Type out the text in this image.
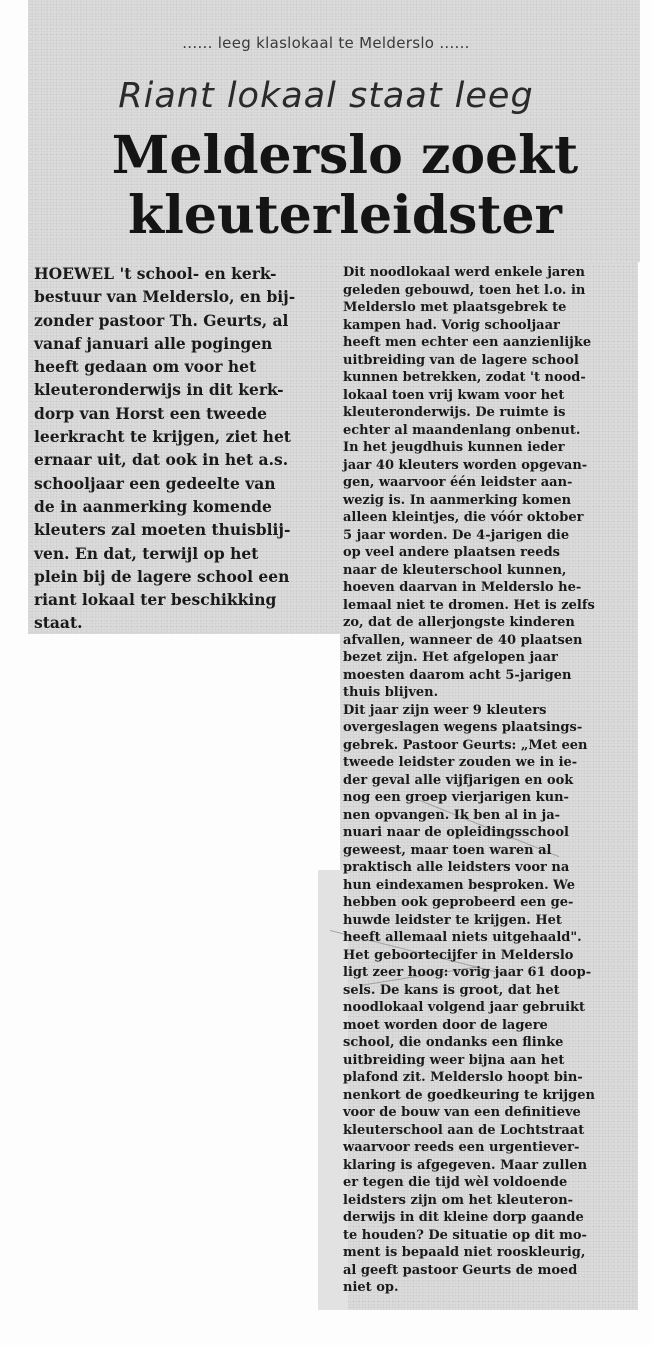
...... leeg klaslokaal te Melderslo ......
Riant lokaal staat leeg
Melderslo zoekt kleuterleidster

HOEWEL 't school- en kerk-
bestuur van Melderslo, en bij-
zonder pastoor Th. Geurts, al
vanaf januari alle pogingen
heeft gedaan om voor het
kleuteronderwijs in dit kerk-
dorp van Horst een tweede
leerkracht te krijgen, ziet het
ernaar uit, dat ook in het a.s.
schooljaar een gedeelte van
de in aanmerking komende
kleuters zal moeten thuisblij-
ven. En dat, terwijl op het
plein bij de lagere school een
riant lokaal ter beschikking
staat.

Dit noodlokaal werd enkele jaren
geleden gebouwd, toen het l.o. in
Melderslo met plaatsgebrek te
kampen had. Vorig schooljaar
heeft men echter een aanzienlijke
uitbreiding van de lagere school
kunnen betrekken, zodat 't nood-
lokaal toen vrij kwam voor het
kleuteronderwijs. De ruimte is
echter al maandenlang onbenut.
In het jeugdhuis kunnen ieder
jaar 40 kleuters worden opgevan-
gen, waarvoor één leidster aan-
wezig is. In aanmerking komen
alleen kleintjes, die vóór oktober
5 jaar worden. De 4-jarigen die
op veel andere plaatsen reeds
naar de kleuterschool kunnen,
hoeven daarvan in Melderslo he-
lemaal niet te dromen. Het is zelfs
zo, dat de allerjongste kinderen
afvallen, wanneer de 40 plaatsen
bezet zijn. Het afgelopen jaar
moesten daarom acht 5-jarigen
thuis blijven.
Dit jaar zijn weer 9 kleuters
overgeslagen wegens plaatsings-
gebrek. Pastoor Geurts: „Met een
tweede leidster zouden we in ie-
der geval alle vijfjarigen en ook
nog een groep vierjarigen kun-
nen opvangen. Ik ben al in ja-
nuari naar de opleidingsschool
geweest, maar toen waren al
praktisch alle leidsters voor na
hun eindexamen besproken. We
hebben ook geprobeerd een ge-
huwde leidster te krijgen. Het
heeft allemaal niets uitgehaald".
Het geboortecijfer in Melderslo
ligt zeer hoog: vorig jaar 61 doop-
sels. De kans is groot, dat het
noodlokaal volgend jaar gebruikt
moet worden door de lagere
school, die ondanks een flinke
uitbreiding weer bijna aan het
plafond zit. Melderslo hoopt bin-
nenkort de goedkeuring te krijgen
voor de bouw van een definitieve
kleuterschool aan de Lochtstraat
waarvoor reeds een urgentiever-
klaring is afgegeven. Maar zullen
er tegen die tijd wèl voldoende
leidsters zijn om het kleuteron-
derwijs in dit kleine dorp gaande
te houden? De situatie op dit mo-
ment is bepaald niet rooskleurig,
al geeft pastoor Geurts de moed
niet op.
